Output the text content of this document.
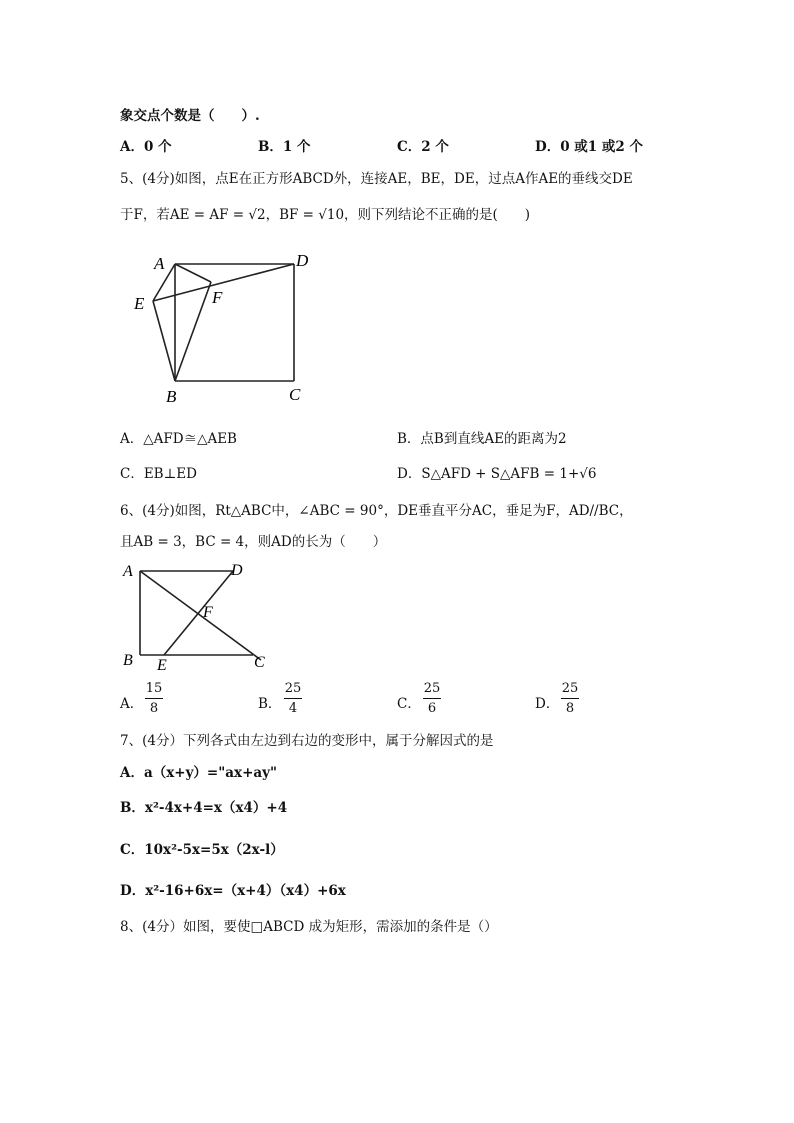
象交点个数是（　　）.
A．0 个	B．1 个	C．2 个	D．0 或1 或2 个
5、(4分)如图，点E在正方形ABCD外，连接AE，BE，DE，过点A作AE的垂线交DE
于F，若AE = AF = √2，BF = √10，则下列结论不正确的是(　　)
A	D
E	F
B	C
A．△AFD≅△AEB	B．点B到直线AE的距离为2
C．EB⊥ED	D．S△AFD + S△AFB = 1+√6
6、(4分)如图，Rt△ABC中，∠ABC = 90°，DE垂直平分AC，垂足为F，AD//BC，
且AB = 3，BC = 4，则AD的长为（　　）
A	D
F
B E	C
A．
15
8	B．
25
4	C．
25
6	D．
25
8
7、(4分）下列各式由左边到右边的变形中，属于分解因式的是
A．a（x+y）="ax+ay"
B．x²-4x+4=x（x4）+4
C．10x²-5x=5x（2x-l）
D．x²-16+6x=（x+4）（x4）+6x
8、(4分）如图，要使□ABCD 成为矩形，需添加的条件是（）
